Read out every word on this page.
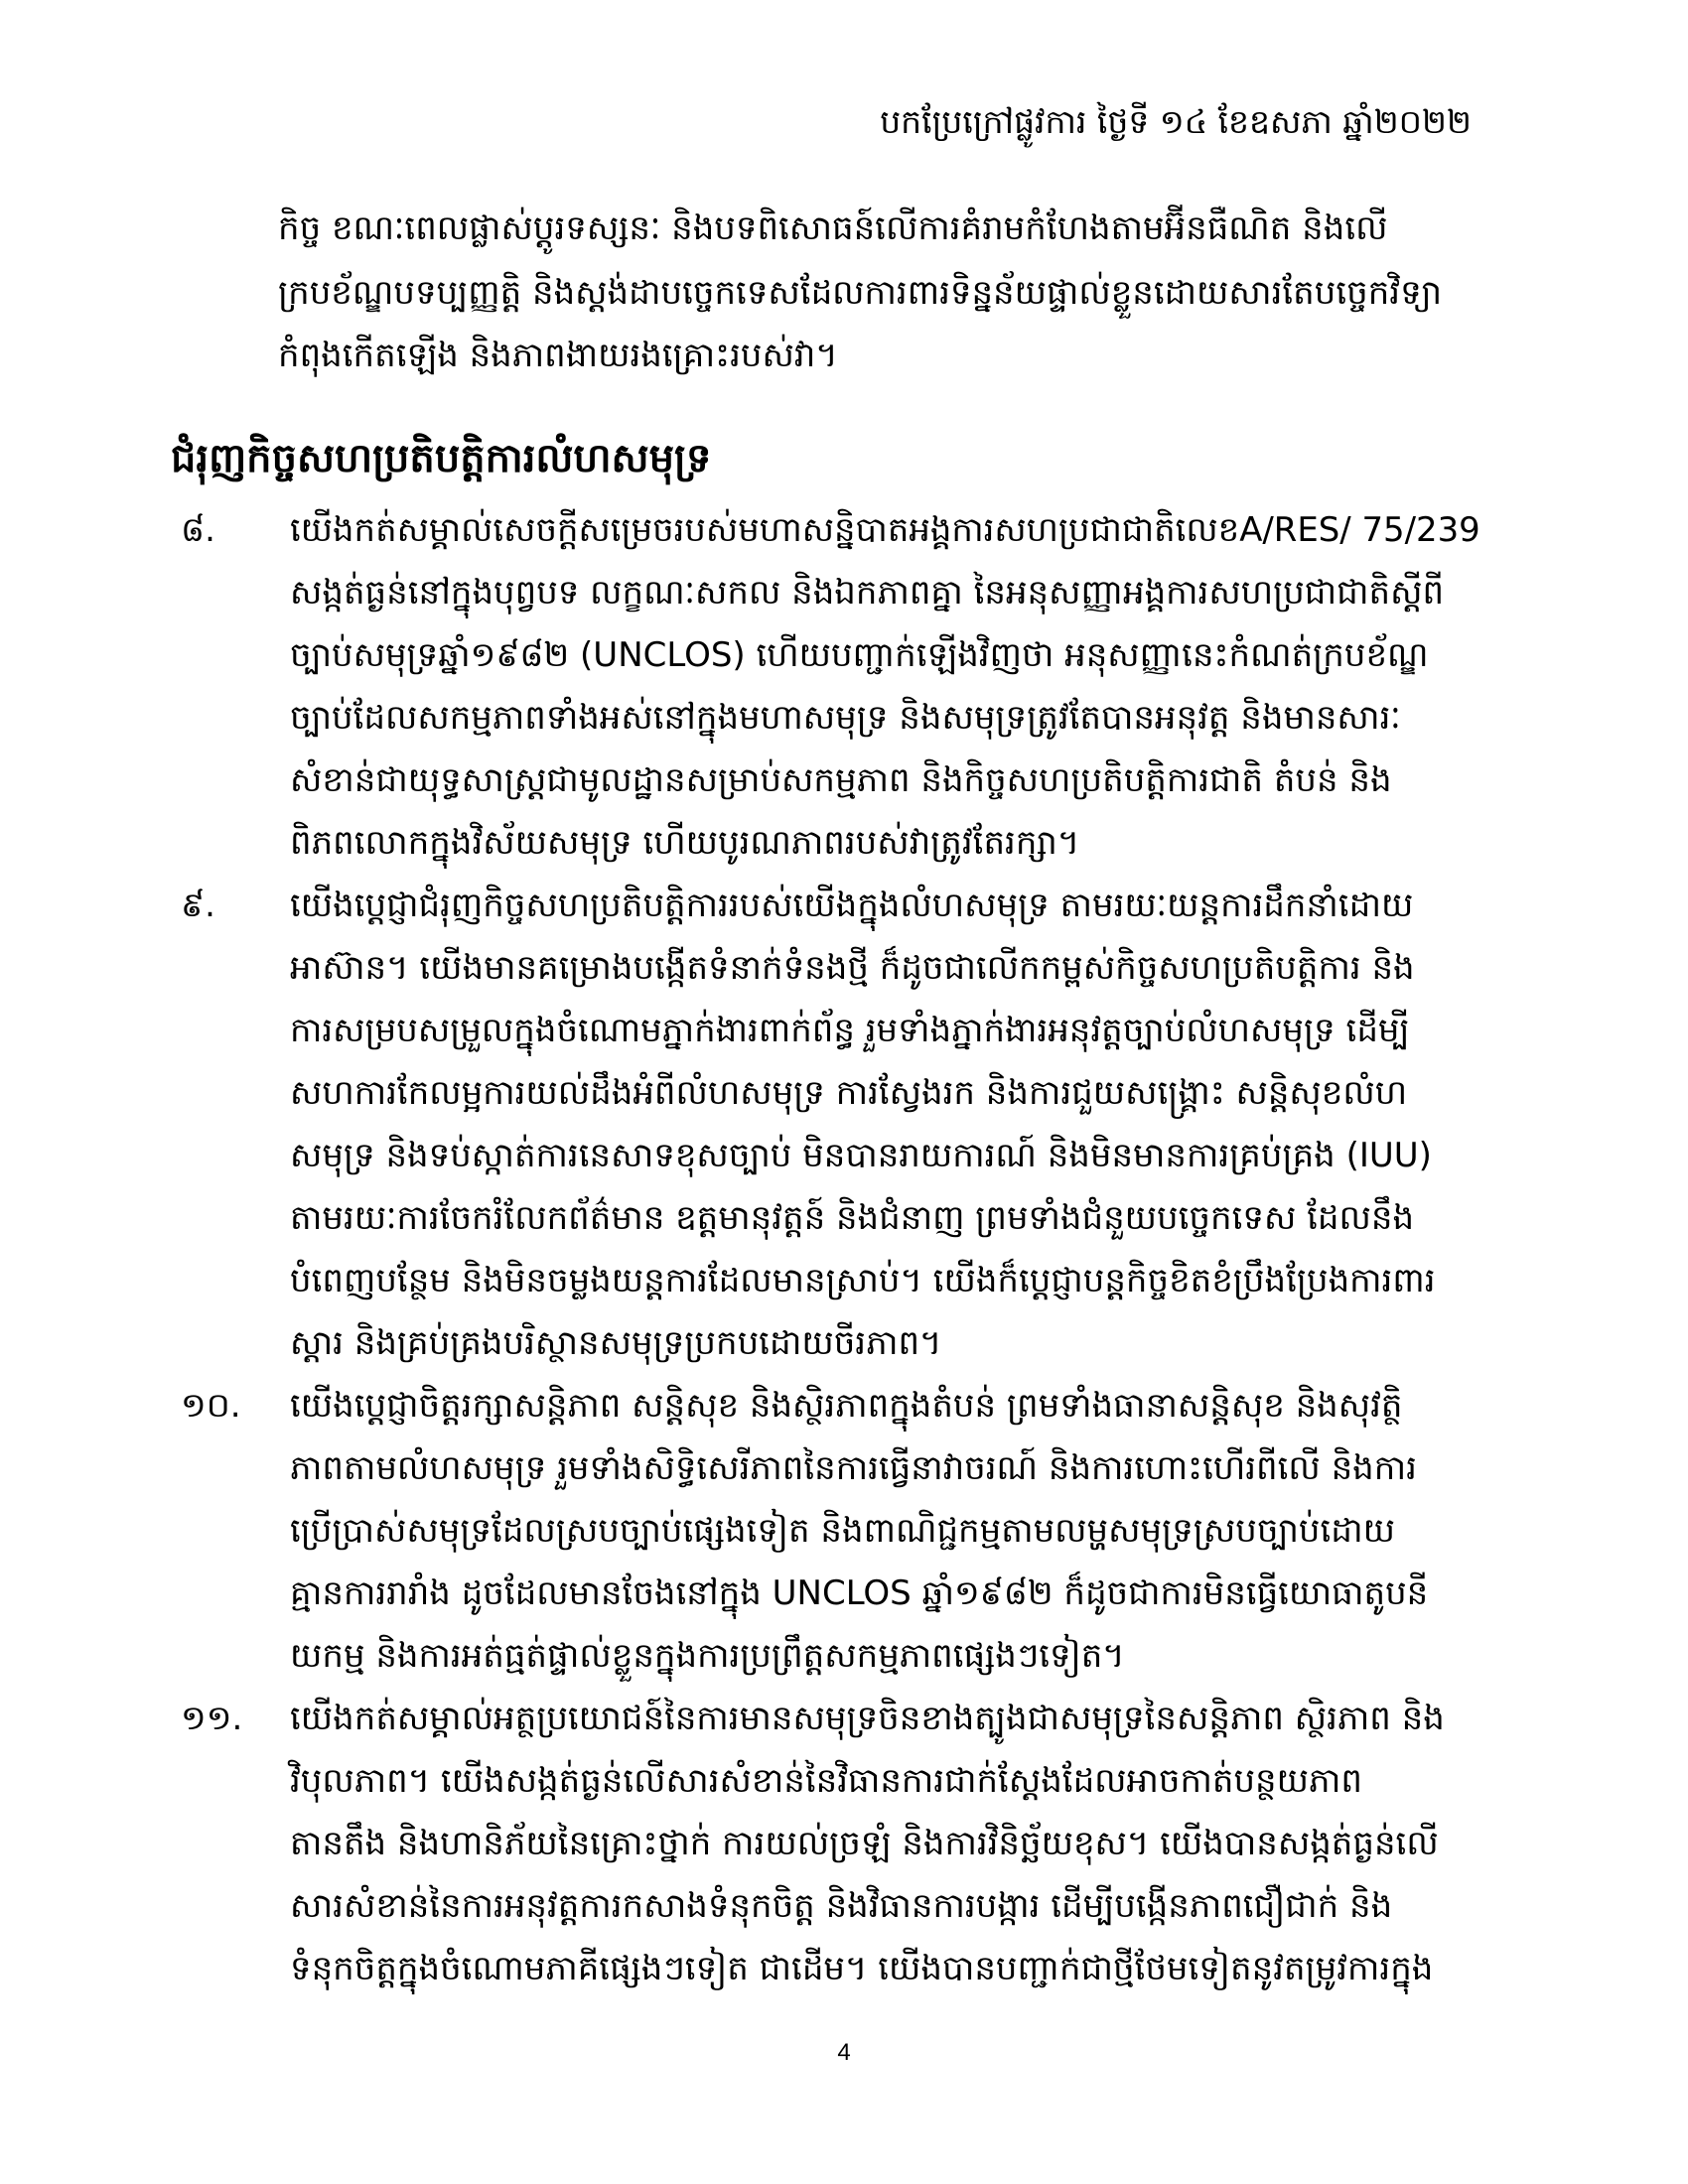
បកប្រែក្រៅផ្លូវការ ថ្ងៃទី ១៤ ខែឧសភា ឆ្នាំ២០២២
កិច្ច ខណៈពេលផ្លាស់ប្តូរទស្សនៈ និងបទពិសោធន៍លើការគំរាមកំហែងតាមអ៊ីនធឺណិត និងលើ
ក្របខ័ណ្ឌបទប្បញ្ញត្តិ និងស្តង់ដាបច្ចេកទេសដែលការពារទិន្នន័យផ្ទាល់ខ្លួនដោយសារតែបច្ចេកវិទ្យា
កំពុងកើតឡើង និងភាពងាយរងគ្រោះរបស់វា។
ជំរុញកិច្ចសហប្រតិបត្តិការលំហសមុទ្រ
៨. យើងកត់សម្គាល់សេចក្តីសម្រេចរបស់មហាសន្និបាតអង្គការសហប្រជាជាតិលេខA/RES/ 75/239
សង្កត់ធ្ងន់នៅក្នុងបុព្វបទ លក្ខណៈសកល និងឯកភាពគ្នា នៃអនុសញ្ញាអង្គការសហប្រជាជាតិស្តីពី
ច្បាប់សមុទ្រឆ្នាំ១៩៨២ (UNCLOS) ហើយបញ្ជាក់ឡើងវិញថា អនុសញ្ញានេះកំណត់ក្របខ័ណ្ឌ
ច្បាប់ដែលសកម្មភាពទាំងអស់នៅក្នុងមហាសមុទ្រ និងសមុទ្រត្រូវតែបានអនុវត្ត និងមានសារៈ
សំខាន់ជាយុទ្ធសាស្ត្រជាមូលដ្ឋានសម្រាប់សកម្មភាព និងកិច្ចសហប្រតិបត្តិការជាតិ តំបន់ និង
ពិភពលោកក្នុងវិស័យសមុទ្រ ហើយបូរណភាពរបស់វាត្រូវតែរក្សា។
៩. យើងប្តេជ្ញាជំរុញកិច្ចសហប្រតិបត្តិការរបស់យើងក្នុងលំហសមុទ្រ តាមរយៈយន្តការដឹកនាំដោយ
អាស៊ាន។ យើងមានគម្រោងបង្កើតទំនាក់ទំនងថ្មី ក៏ដូចជាលើកកម្ពស់កិច្ចសហប្រតិបត្តិការ និង
ការសម្របសម្រួលក្នុងចំណោមភ្នាក់ងារពាក់ព័ន្ធ រួមទាំងភ្នាក់ងារអនុវត្តច្បាប់លំហសមុទ្រ ដើម្បី
សហការកែលម្អការយល់ដឹងអំពីលំហសមុទ្រ ការស្វែងរក និងការជួយសង្គ្រោះ សន្តិសុខលំហ
សមុទ្រ និងទប់ស្កាត់ការនេសាទខុសច្បាប់ មិនបានរាយការណ៍ និងមិនមានការគ្រប់គ្រង (IUU)
តាមរយៈការចែករំលែកព័ត៌មាន ឧត្តមានុវត្តន៍ និងជំនាញ ព្រមទាំងជំនួយបច្ចេកទេស ដែលនឹង
បំពេញបន្ថែម និងមិនចម្លងយន្តការដែលមានស្រាប់។ យើងក៏ប្តេជ្ញាបន្តកិច្ចខិតខំប្រឹងប្រែងការពារ
ស្តារ និងគ្រប់គ្រងបរិស្ថានសមុទ្រប្រកបដោយចីរភាព។
១០. យើងប្តេជ្ញាចិត្តរក្សាសន្តិភាព សន្តិសុខ និងស្ថិរភាពក្នុងតំបន់ ព្រមទាំងធានាសន្តិសុខ និងសុវត្ថិ
ភាពតាមលំហសមុទ្រ រួមទាំងសិទ្ធិសេរីភាពនៃការធ្វើនាវាចរណ៍ និងការហោះហើរពីលើ និងការ
ប្រើប្រាស់សមុទ្រដែលស្របច្បាប់ផ្សេងទៀត និងពាណិជ្ជកម្មតាមលម្ហសមុទ្រស្របច្បាប់ដោយ
គ្មានការរារាំង ដូចដែលមានចែងនៅក្នុង UNCLOS ឆ្នាំ១៩៨២ ក៏ដូចជាការមិនធ្វើយោធាតូបនី
យកម្ម និងការអត់ធ្មត់ផ្ទាល់ខ្លួនក្នុងការប្រព្រឹត្តសកម្មភាពផ្សេងៗទៀត។
១១. យើងកត់សម្គាល់អត្ថប្រយោជន៍នៃការមានសមុទ្រចិនខាងត្បូងជាសមុទ្រនៃសន្តិភាព ស្ថិរភាព និង
វិបុលភាព។ យើងសង្កត់ធ្ងន់លើសារសំខាន់នៃវិធានការជាក់ស្តែងដែលអាចកាត់បន្ថយភាព
តានតឹង និងហានិភ័យនៃគ្រោះថ្នាក់ ការយល់ច្រឡំ និងការវិនិច្ឆ័យខុស។ យើងបានសង្កត់ធ្ងន់លើ
សារសំខាន់នៃការអនុវត្តការកសាងទំនុកចិត្ត និងវិធានការបង្ការ ដើម្បីបង្កើនភាពជឿជាក់ និង
ទំនុកចិត្តក្នុងចំណោមភាគីផ្សេងៗទៀត ជាដើម។ យើងបានបញ្ជាក់ជាថ្មីថែមទៀតនូវតម្រូវការក្នុង
4
